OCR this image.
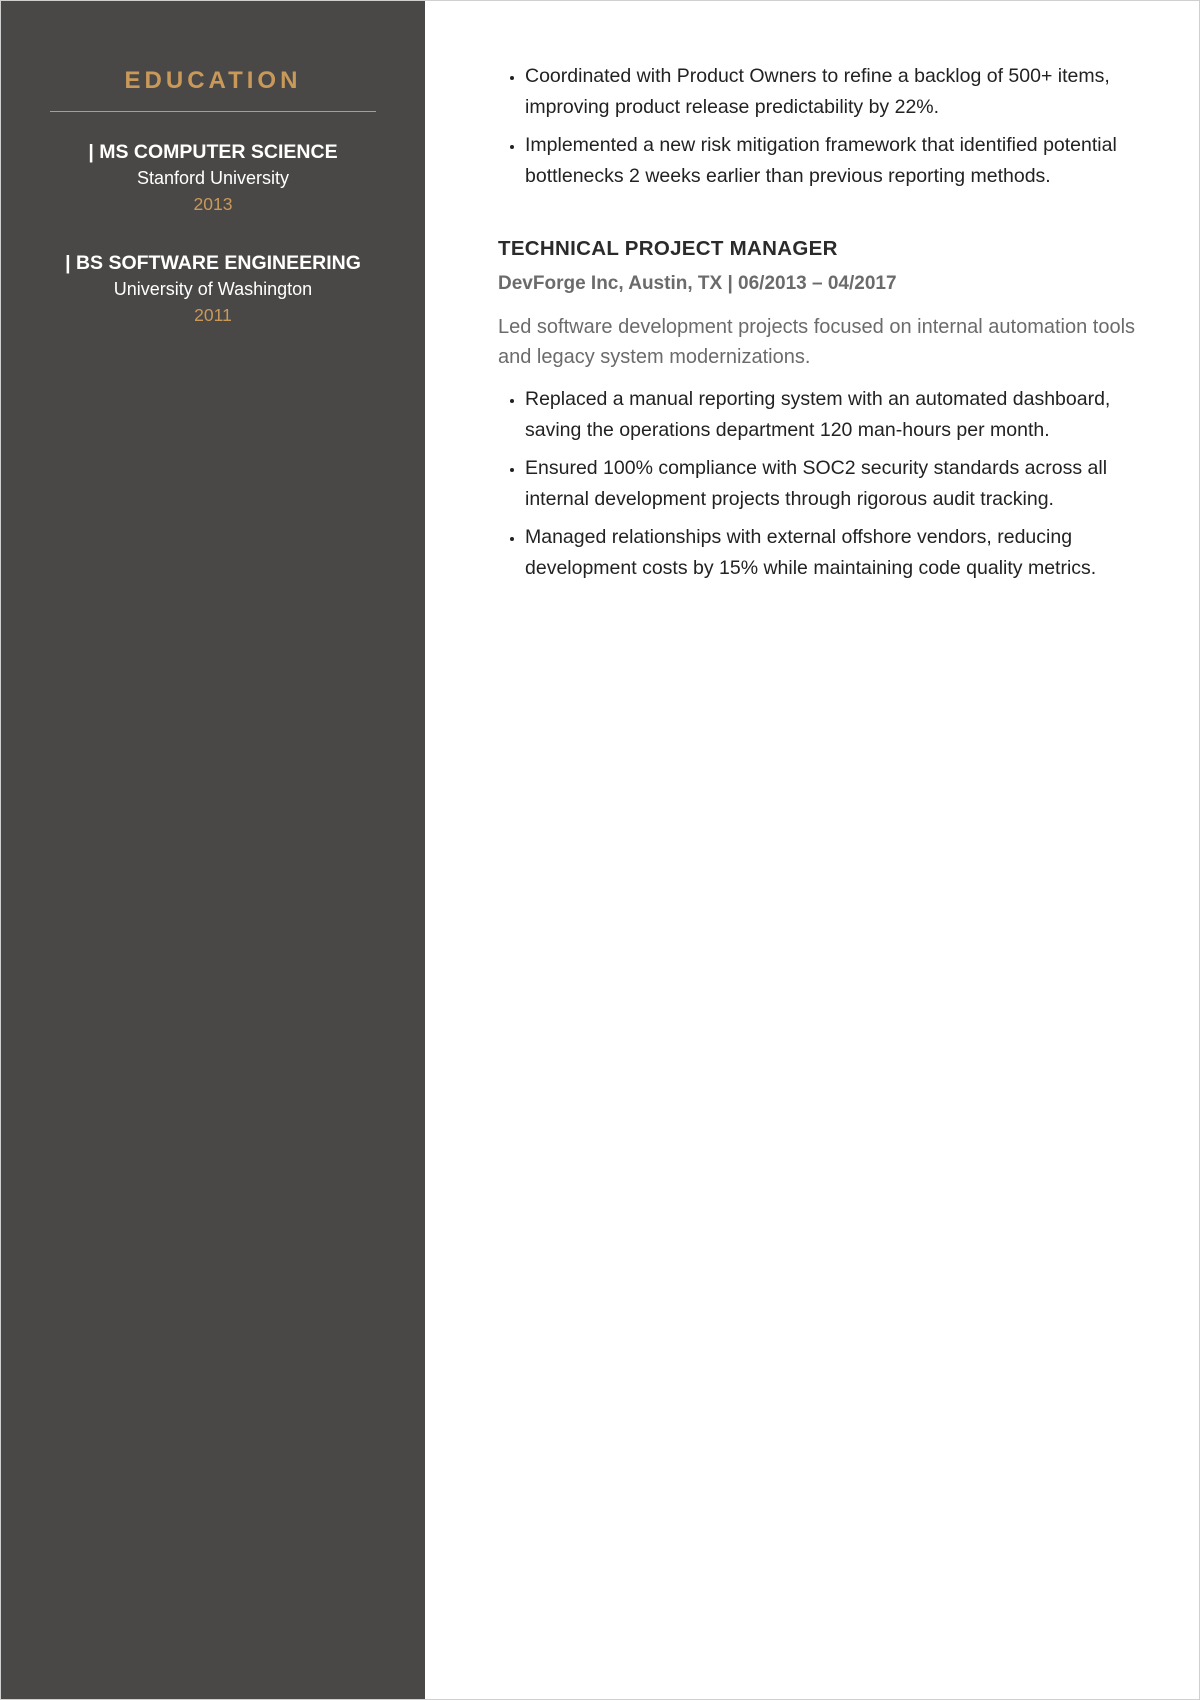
EDUCATION
| MS COMPUTER SCIENCE
Stanford University
2013
| BS SOFTWARE ENGINEERING
University of Washington
2011
• Coordinated with Product Owners to refine a backlog of 500+ items, improving product release predictability by 22%.
• Implemented a new risk mitigation framework that identified potential bottlenecks 2 weeks earlier than previous reporting methods.
TECHNICAL PROJECT MANAGER
DevForge Inc, Austin, TX | 06/2013 – 04/2017

Led software development projects focused on internal automation tools and legacy system modernizations.

• Replaced a manual reporting system with an automated dashboard, saving the operations department 120 man-hours per month.
• Ensured 100% compliance with SOC2 security standards across all internal development projects through rigorous audit tracking.
• Managed relationships with external offshore vendors, reducing development costs by 15% while maintaining code quality metrics.
